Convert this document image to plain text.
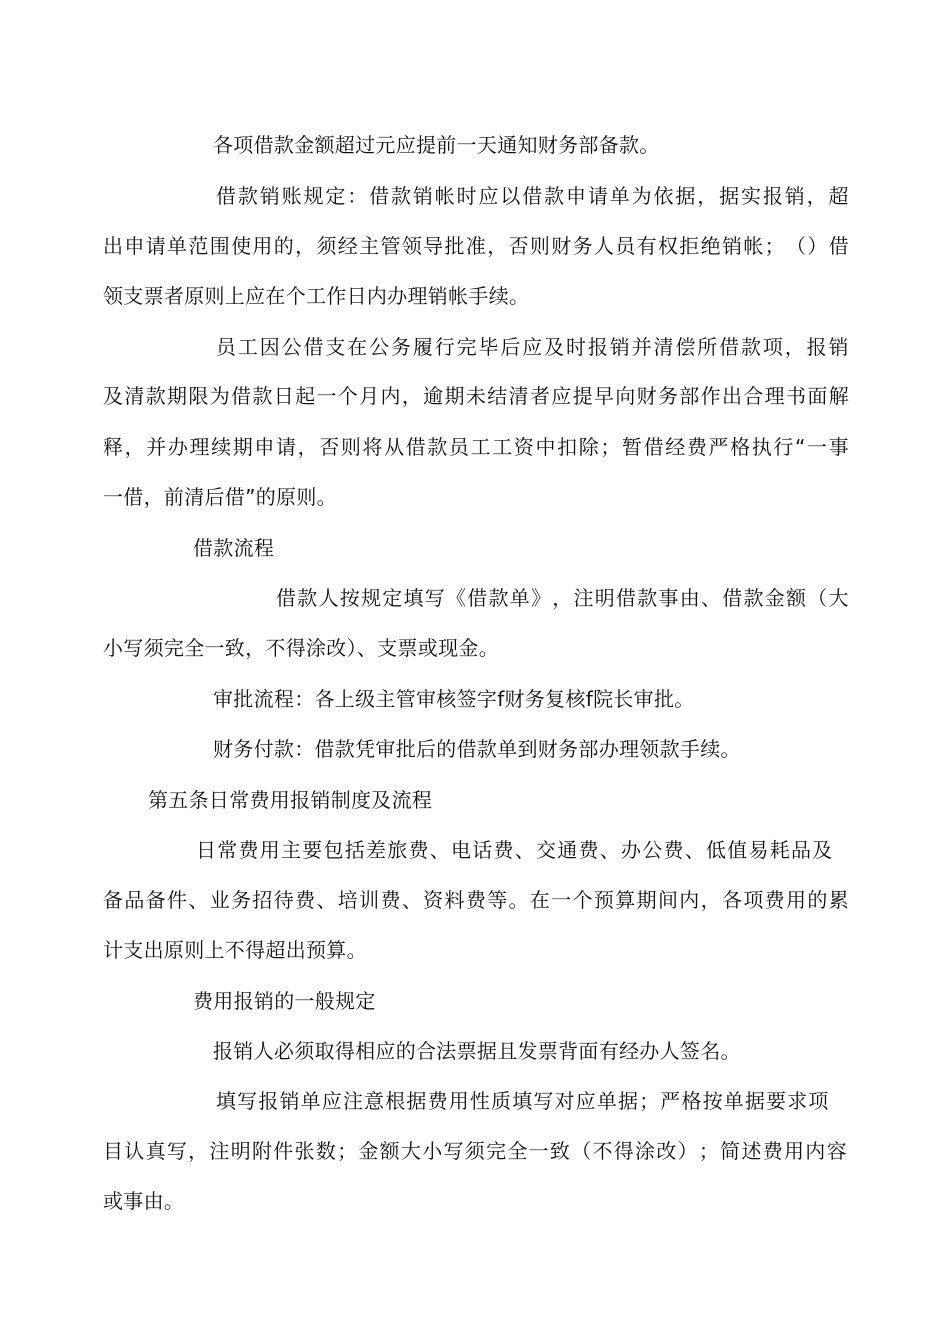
各项借款金额超过元应提前一天通知财务部备款。
借 款 销 账 规 定 ： 借 款 销 帐 时 应 以 借 款 申 请 单 为 依 据 ， 据 实 报 销 ， 超
出 申 请 单 范 围 使 用 的 ， 须 经 主 管 领 导 批 准 ， 否 则 财 务 人 员 有 权 拒 绝 销 帐 ； （ ） 借
领支票者原则上应在个工作日内办理销帐手续。
员 工 因 公 借 支 在 公 务 履 行 完 毕 后 应 及 时 报 销 并 清 偿 所 借 款 项 ， 报 销
及 清 款 期 限 为 借 款 日 起 一 个 月 内 ， 逾 期 未 结 清 者 应 提 早 向 财 务 部 作 出 合 理 书 面 解
释 ， 并 办 理 续 期 申 请 ， 否 则 将 从 借 款 员 工 工 资 中 扣 除 ； 暂 借 经 费 严 格 执 行 “ 一 事
一借，前清后借”的原则。
借款流程
借 款 人 按 规 定 填 写 《 借 款 单 》 ， 注 明 借 款 事 由 、 借 款 金 额 （ 大
小写须完全一致，不得涂改）、支票或现金。
审批流程：各上级主管审核签字f财务复核f院长审批。
财务付款：借款凭审批后的借款单到财务部办理领款手续。
第五条日常费用报销制度及流程
日 常 费 用 主 要 包 括 差 旅 费 、 电 话 费 、 交 通 费 、 办 公 费 、 低 值 易 耗 品 及
备 品 备 件 、 业 务 招 待 费 、 培 训 费 、 资 料 费 等 。 在 一 个 预 算 期 间 内 ， 各 项 费 用 的 累
计支出原则上不得超出预算。
费用报销的一般规定
报销人必须取得相应的合法票据且发票背面有经办人签名。
填 写 报 销 单 应 注 意 根 据 费 用 性 质 填 写 对 应 单 据 ； 严 格 按 单 据 要 求 项
目 认 真 写 ， 注 明 附 件 张 数 ； 金 额 大 小 写 须 完 全 一 致 （ 不 得 涂 改 ） ； 简 述 费 用 内 容
或事由。
